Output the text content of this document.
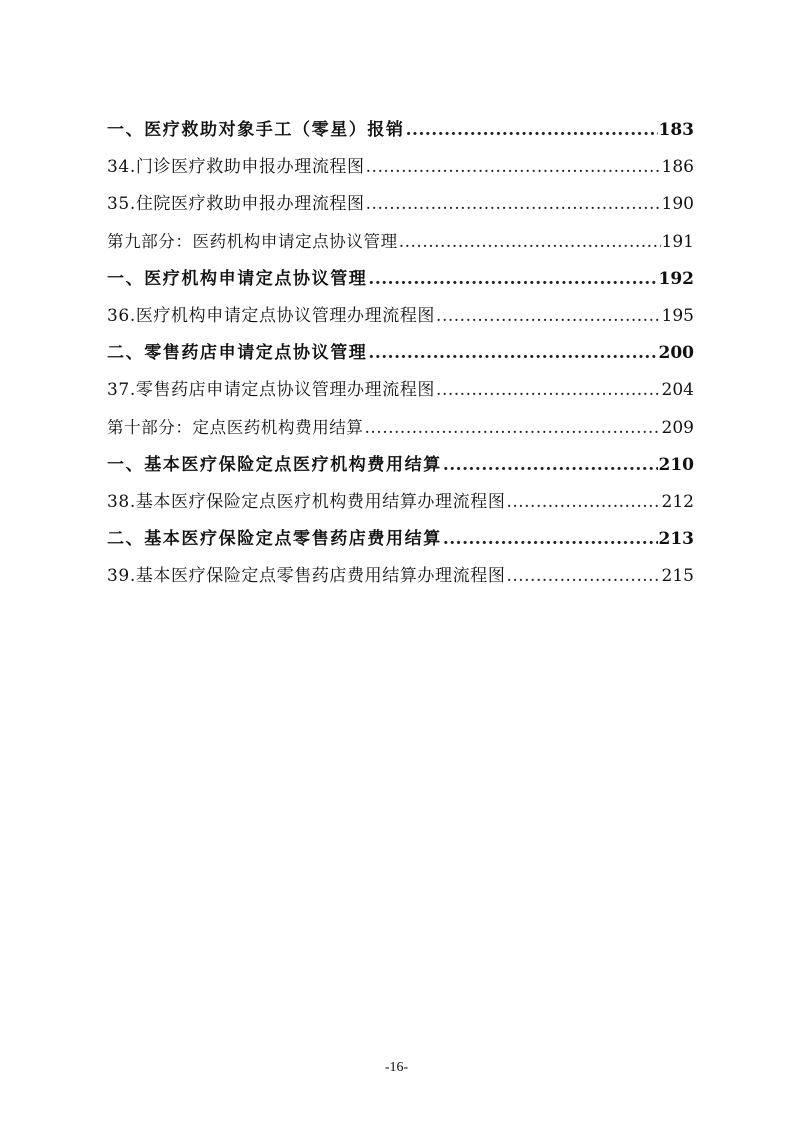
一、医疗救助对象手工（零星）报销 .....	183
34.门诊医疗救助申报办理流程图 .....	186
35.住院医疗救助申报办理流程图 .....	190
第九部分：医药机构申请定点协议管理 .....	191
一、医疗机构申请定点协议管理 .....	192
36.医疗机构申请定点协议管理办理流程图 .....	195
二、零售药店申请定点协议管理 .....	200
37.零售药店申请定点协议管理办理流程图 .....	204
第十部分：定点医药机构费用结算 .....	209
一、基本医疗保险定点医疗机构费用结算 .....	210
38.基本医疗保险定点医疗机构费用结算办理流程图 .....	212
二、基本医疗保险定点零售药店费用结算 .....	213
39.基本医疗保险定点零售药店费用结算办理流程图 .....	215
-16-
